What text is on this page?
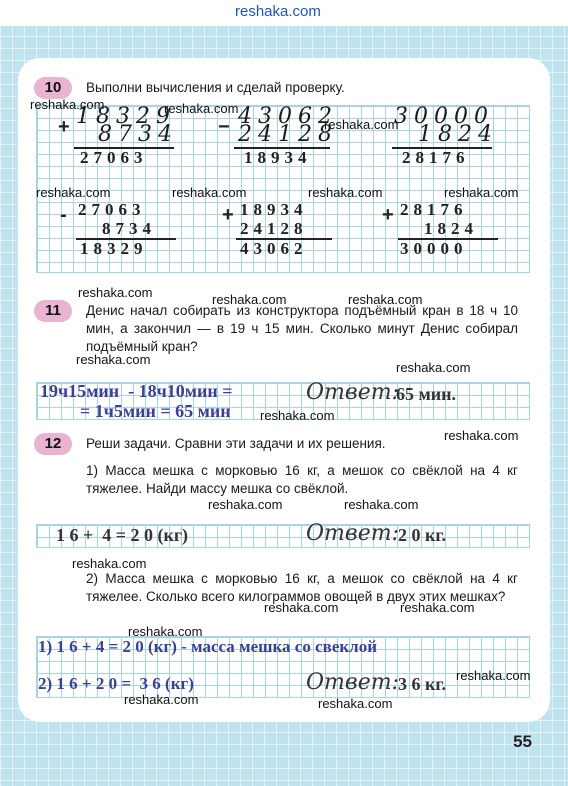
reshaka.com
10	Выполни вычисления и сделай проверку.
+ 18329
8734
27063
− 43062
24128
18934
30000
1824
28176
- 27063
8734
18329
+ 18934
24128
43062
+ 28176
1824
30000
11	Денис начал собирать из конструктора подъёмный кран в 18 ч 10 мин, а закончил — в 19 ч 15 мин. Сколько минут Денис собирал подъёмный кран?
19ч15мин  - 18ч10мин =
= 1ч5мин = 65 мин
Ответ:
65 мин.
12	Реши задачи. Сравни эти задачи и их решения.
1) Масса мешка с морковью 16 кг, а мешок со свёклой на 4 кг тяжелее. Найди массу мешка со свёклой.
1 6 +  4 = 2 0 (кг)	Ответ: 2 0 кг.
2) Масса мешка с морковью 16 кг, а мешок со свёклой на 4 кг тяжелее. Сколько всего килограммов овощей в двух этих мешках?
1) 1 6 + 4 = 2 0 (кг) - масса мешка со свеклой
2) 1 6 + 2 0 =  3 6 (кг)	Ответ: 3 6 кг.
55
reshaka.com	reshaka.com
reshaka.com
reshaka.com	reshaka.com	reshaka.com	reshaka.com
reshaka.com	reshaka.com	reshaka.com
reshaka.com
reshaka.com
reshaka.com
reshaka.com
reshaka.com	reshaka.com
reshaka.com
reshaka.com	reshaka.com
reshaka.com
reshaka.com
reshaka.com	reshaka.com
